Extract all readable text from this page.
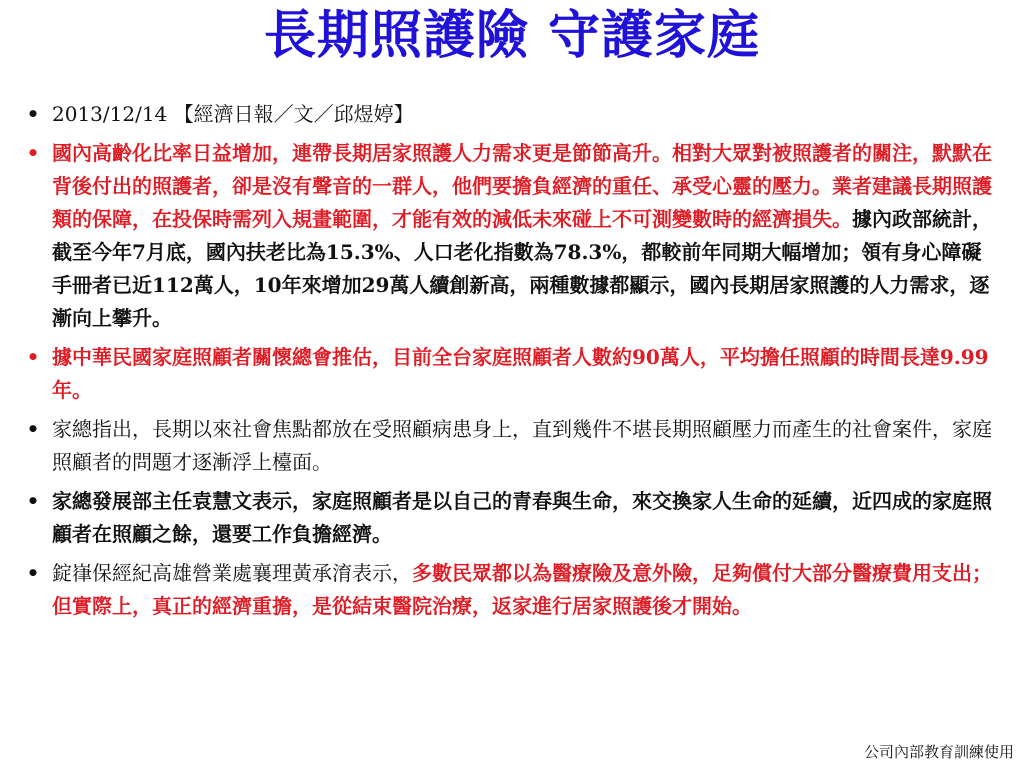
長期照護險 守護家庭
• 2013/12/14 【經濟日報／文／邱煜婷】
• 國內高齡化比率日益增加，連帶長期居家照護人力需求更是節節高升。相對大眾對被照護者的關注，默默在背後付出的照護者，卻是沒有聲音的一群人，他們要擔負經濟的重任、承受心靈的壓力。業者建議長期照護類的保障，在投保時需列入規畫範圍，才能有效的減低未來碰上不可測變數時的經濟損失。據內政部統計，截至今年7月底，國內扶老比為15.3%、人口老化指數為78.3%，都較前年同期大幅增加；領有身心障礙手冊者已近112萬人，10年來增加29萬人續創新高，兩種數據都顯示，國內長期居家照護的人力需求，逐漸向上攀升。
• 據中華民國家庭照顧者關懷總會推估，目前全台家庭照顧者人數約90萬人，平均擔任照顧的時間長達9.99年。
• 家總指出，長期以來社會焦點都放在受照顧病患身上，直到幾件不堪長期照顧壓力而產生的社會案件，家庭照顧者的問題才逐漸浮上檯面。
• 家總發展部主任袁慧文表示，家庭照顧者是以自己的青春與生命，來交換家人生命的延續，近四成的家庭照顧者在照顧之餘，還要工作負擔經濟。
• 錠嵂保經紀高雄營業處襄理黃承淯表示，多數民眾都以為醫療險及意外險，足夠償付大部分醫療費用支出；但實際上，真正的經濟重擔，是從結束醫院治療，返家進行居家照護後才開始。
公司內部教育訓練使用
